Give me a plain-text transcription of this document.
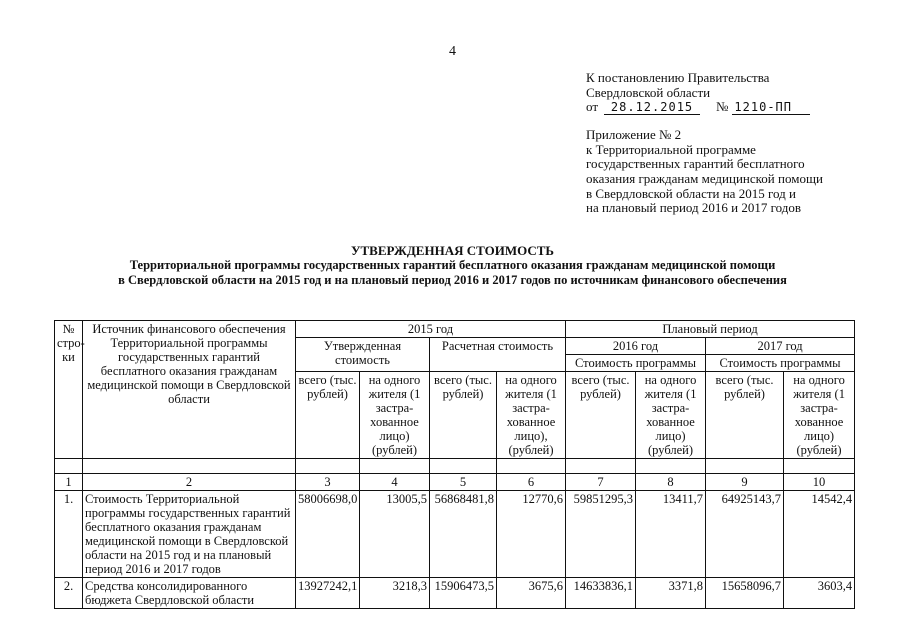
4
К постановлению Правительства
Свердловской области
от	28.12.2015	№ 1210-ПП
Приложение № 2
к Территориальной программе
государственных гарантий бесплатного
оказания гражданам медицинской помощи
в Свердловской области на 2015 год и
на плановый период 2016 и 2017 годов
УТВЕРЖДЕННАЯ СТОИМОСТЬ
Территориальной программы государственных гарантий бесплатного оказания гражданам медицинской помощи
в Свердловской области на 2015 год и на плановый период 2016 и 2017 годов по источникам финансового обеспечения
№ стро-ки	Источник финансового обеспечения Территориальной программы государственных гарантий бесплатного оказания гражданам медицинской помощи в Свердловской области	2015 год				Плановый период			
		Утвержденная стоимость		Расчетная стоимость		2016 год		2017 год	
						Стоимость программы		Стоимость программы	
		всего (тыс. рублей)	на одного жителя (1 застра-хованное лицо) (рублей)	всего (тыс. рублей)	на одного жителя (1 застра-хованное лицо), (рублей)	всего (тыс. рублей)	на одного жителя (1 застра-хованное лицо) (рублей)	всего (тыс. рублей)	на одного жителя (1 застра-хованное лицо) (рублей)

1	2	3	4	5	6	7	8	9	10
1.	Стоимость Территориальной программы государственных гарантий бесплатного оказания гражданам медицинской помощи в Свердловской области на 2015 год и на плановый период 2016 и 2017 годов	58006698,0	13005,5	56868481,8	12770,6	59851295,3	13411,7	64925143,7	14542,4
2.	Средства консолидированного бюджета Свердловской области	13927242,1	3218,3	15906473,5	3675,6	14633836,1	3371,8	15658096,7	3603,4
